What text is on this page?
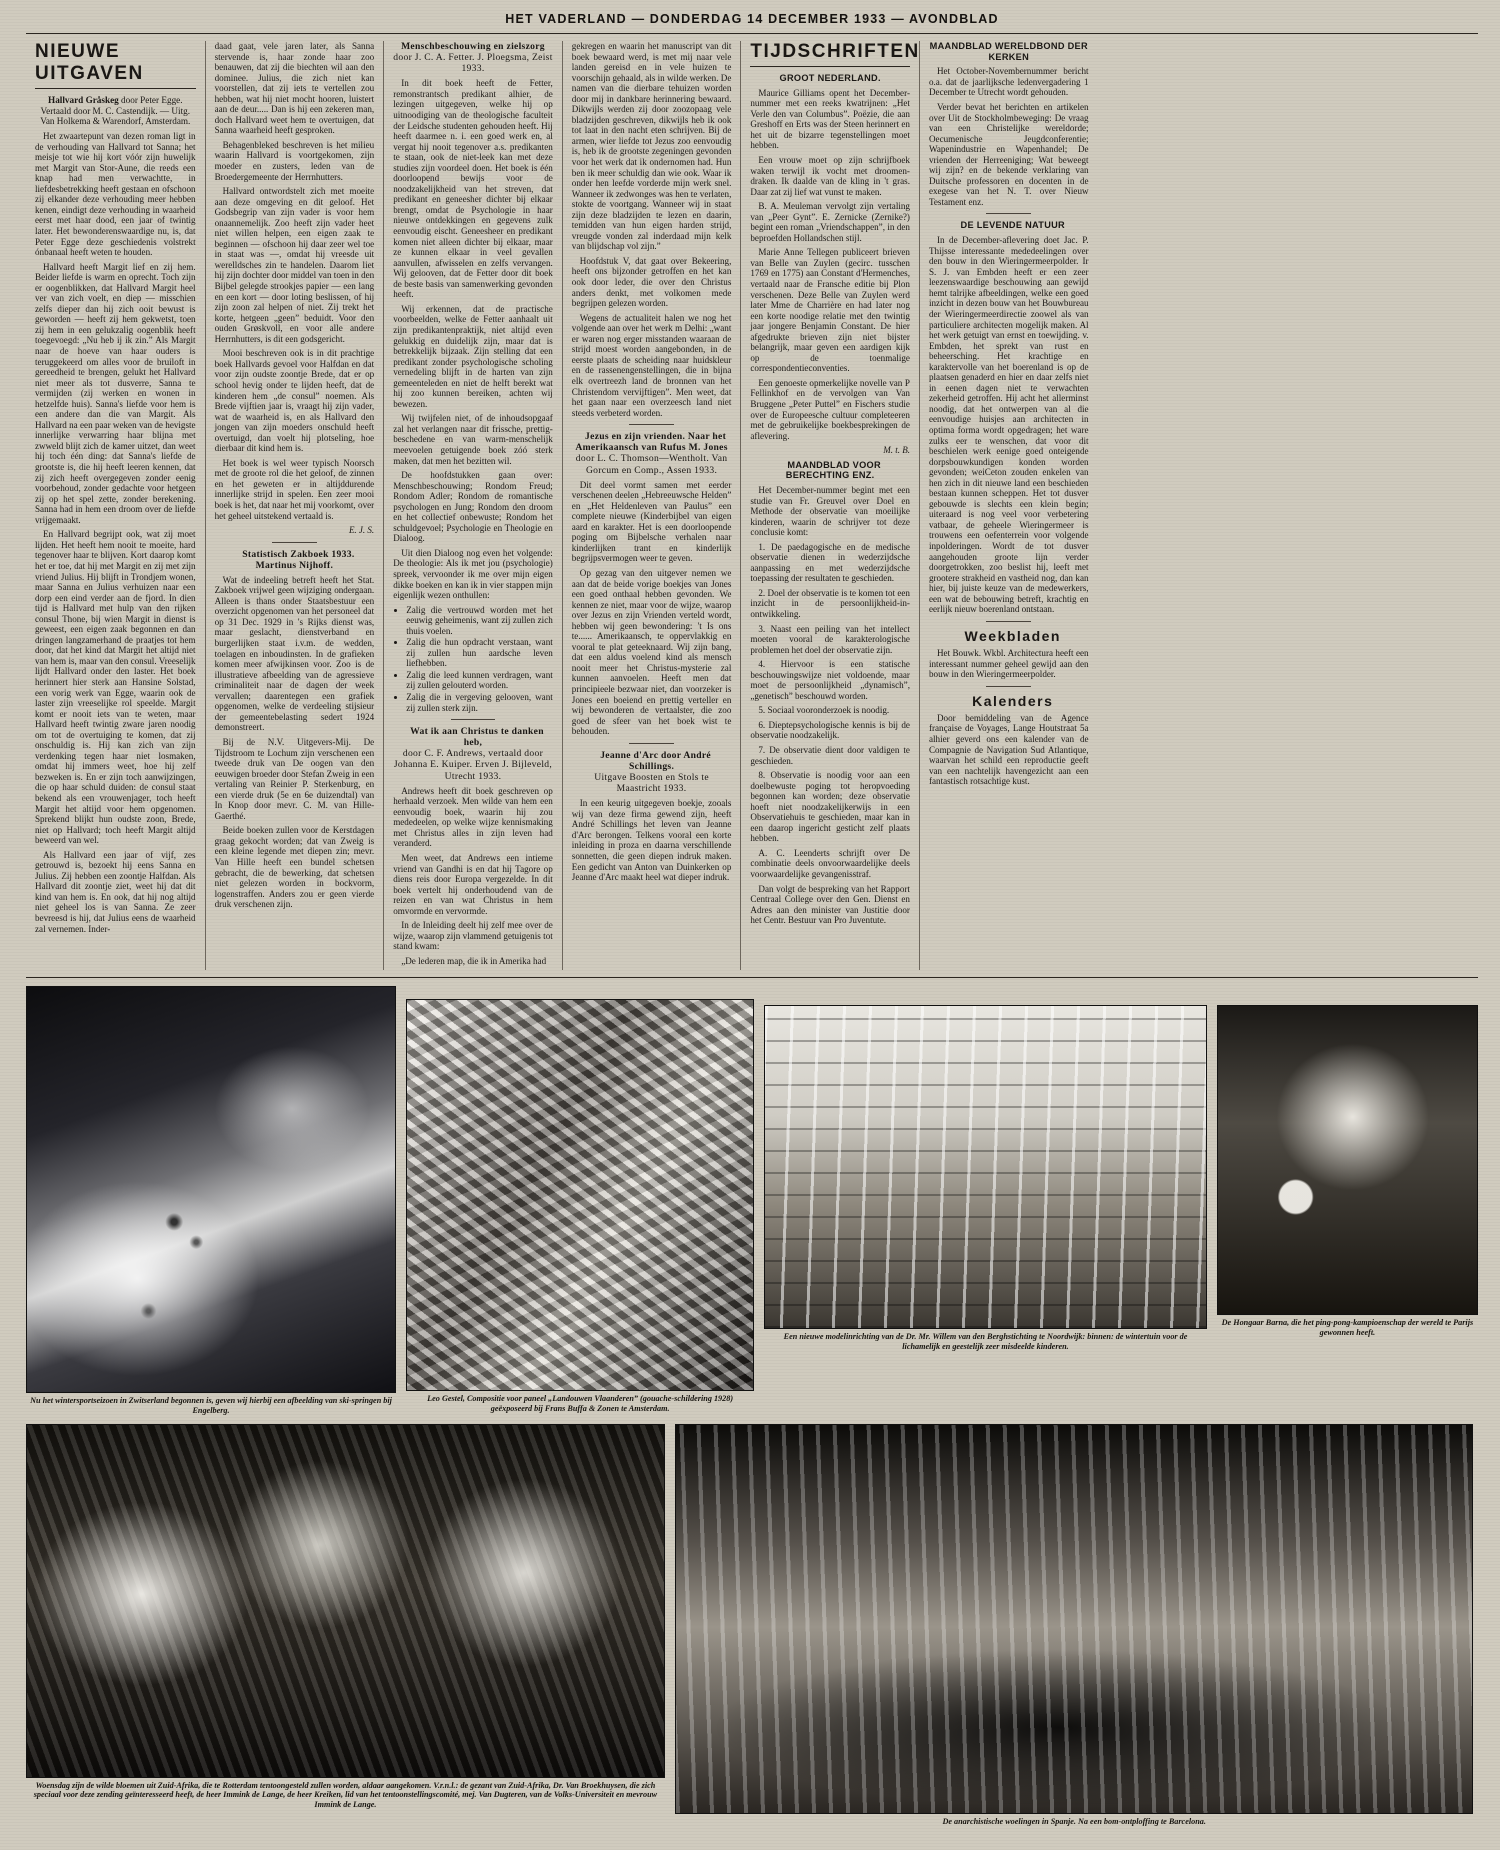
HET VADERLAND — DONDERDAG 14 DECEMBER 1933 — AVONDBLAD
NIEUWE UITGAVEN

Hallvard Gråskeg door Peter Egge. Vertaald door M. C. Castendijk. — Uitg. Van Holkema & Warendorf, Amsterdam.

Het zwaartepunt van dezen roman ligt in de verhouding van Hallvard tot Sanna; het meisje tot wie hij kort vóór zijn huwelijk met Margit van Stor-Aune, die reeds een knap had men verwachtte, in liefdesbetrekking heeft gestaan en ofschoon zij elkander deze verhouding meer hebben kenen, eindigt deze verhouding in waarheid eerst met haar dood, een jaar of twintig later. Het bewonderenswaardige nu, is, dat Peter Egge deze geschiedenis volstrekt ónbanaal heeft weten te houden.

Hallvard heeft Margit lief en zij hem. Beider liefde is warm en oprecht. Toch zijn er oogenblikken, dat Hallvard Margit heel ver van zich voelt, en diep — misschien zelfs dieper dan hij zich ooit bewust is geworden — heeft zij hem gekwetst, toen zij hem in een gelukzalig oogenblik heeft toegevoegd: „Nu heb ij ik zin.” Als Margit naar de hoeve van haar ouders is teruggekeerd om alles voor de bruiloft in gereedheid te brengen, gelukt het Hallvard niet meer als tot dusverre, Sanna te vermijden (zij werken en wonen in hetzelfde huis). Sanna's liefde voor hem is een andere dan die van Margit. Als Hallvard na een paar weken van de hevigste innerlijke verwarring haar blijna met zwweld blijt zich de kamer uitzet, dan weet hij toch één ding: dat Sanna's liefde de grootste is, die hij heeft leeren kennen, dat zij zich heeft overgegeven zonder eenig voorbehoud, zonder gedachte voor hetgeen zij op het spel zette, zonder berekening. Sanna had in hem een droom over de liefde vrijgemaakt.

En Hallvard begrijpt ook, wat zij moet lijden. Het heeft hem nooit te moeite, hard tegenover haar te blijven. Kort daarop komt het er toe, dat hij met Margit en zij met zijn vriend Julius. Hij blijft in Trondjem wonen, maar Sanna en Julius verhuizen naar een dorp een eind verder aan de fjord. In dien tijd is Hallvard met hulp van den rijken consul Thone, bij wien Margit in dienst is geweest, een eigen zaak begonnen en dan dringen langzamerhand de praatjes tot hem door, dat het kind dat Margit het altijd niet van hem is, maar van den consul. Vreeselijk lijdt Hallvard onder den laster. Het boek herinnert hier sterk aan Hansine Solstad, een vorig werk van Egge, waarin ook de laster zijn vreeselijke rol speelde. Margit komt er nooit iets van te weten, maar Hallvard heeft twintig zware jaren noodig om tot de overtuiging te komen, dat zij onschuldig is. Hij kan zich van zijn verdenking tegen haar niet losmaken, omdat hij immers weet, hoe hij zelf bezweken is. En er zijn toch aanwijzingen, die op haar schuld duiden: de consul staat bekend als een vrouwenjager, toch heeft Margit het altijd voor hem opgenomen. Sprekend blijkt hun oudste zoon, Brede, niet op Hallvard; toch heeft Margit altijd beweerd van wel.

Als Hallvard een jaar of vijf, zes getrouwd is, bezoekt hij eens Sanna en Julius. Zij hebben een zoontje Halfdan. Als Hallvard dit zoontje ziet, weet hij dat dit kind van hem is. En ook, dat hij nog altijd niet geheel los is van Sanna. Ze zeer bevreesd is hij, dat Julius eens de waarheid zal vernemen. Inder-

daad gaat, vele jaren later, als Sanna stervende is, haar zonde haar zoo benauwen, dat zij die biechten wil aan den dominee. Julius, die zich niet kan voorstellen, dat zij iets te vertellen zou hebben, wat hij niet mocht hooren, luistert aan de deur..... Dan is hij een zekeren man, doch Hallvard weet hem te overtuigen, dat Sanna waarheid heeft gesproken.

Behagenbleked beschreven is het milieu waarin Hallvard is voortgekomen, zijn moeder en zusters, leden van de Broedergemeente der Herrnhutters.

Hallvard ontwordstelt zich met moeite aan deze omgeving en dit geloof. Het Godsbegrip van zijn vader is voor hem onaannemelijk. Zoo heeft zijn vader heet niet willen helpen, een eigen zaak te beginnen — ofschoon hij daar zeer wel toe in staat was —, omdat hij vreesde uit werelldsches zin te handelen. Daarom liet hij zijn dochter door middel van toen in den Bijbel gelegde strookjes papier — een lang en een kort — door loting beslissen, of hij zijn zoon zal helpen of niet. Zij trekt het korte, hetgeen „geen” beduidt. Voor den ouden Grøskvoll, en voor alle andere Herrnhutters, is dit een godsgericht.

Mooi beschreven ook is in dit prachtige boek Hallvards gevoel voor Halfdan en dat voor zijn oudste zoontje Brede, dat er op school hevig onder te lijden heeft, dat de kinderen hem „de consul” noemen. Als Brede vijftien jaar is, vraagt hij zijn vader, wat de waarheid is, en als Hallvard den jongen van zijn moeders onschuld heeft overtuigd, dan voelt hij plotseling, hoe dierbaar dit kind hem is.

Het boek is wel weer typisch Noorsch met de groote rol die het geloof, de zinnen en het geweten er in altijddurende innerlijke strijd in spelen. Een zeer mooi boek is het, dat naar het mij voorkomt, over het geheel uitstekend vertaald is.

E. J. S.

Statistisch Zakboek 1933. Martinus Nijhoff.

Wat de indeeling betreft heeft het Stat. Zakboek vrijwel geen wijziging ondergaan. Alleen is thans onder Staatsbestuur een overzicht opgenomen van het personeel dat op 31 Dec. 1929 in 's Rijks dienst was, maar geslacht, dienstverband en burgerlijken staat i.v.m. de wedden, toelagen en inboudinsten. In de grafieken komen meer afwijkinsen voor. Zoo is de illustratieve afbeelding van de agressieve criminaliteit naar de dagen der week vervallen; daarentegen een grafiek opgenomen, welke de verdeeling stijsieur der gemeentebelasting sedert 1924 demonstreert.

Bij de N.V. Uitgevers-Mij. De Tijdstroom te Lochum zijn verschenen een tweede druk van De oogen van den eeuwigen broeder door Stefan Zweig in een vertaling van Reinier P. Sterkenburg, en een vierde druk (5e en 6e duizendtal) van In Knop door mevr. C. M. van Hille-Gaerthé.

Beide boeken zullen voor de Kerstdagen graag gekocht worden; dat van Zweig is een kleine legende met diepen zin; mevr. Van Hille heeft een bundel schetsen gebracht, die de bewerking, dat schetsen niet gelezen worden in bockvorm, logenstraffen. Anders zou er geen vierde druk verschenen zijn.

Menschbeschouwing en zielszorg
door J. C. A. Fetter. J. Ploegsma, Zeist 1933.

In dit boek heeft de Fetter, remonstrantsch predikant alhier, de lezingen uitgegeven, welke hij op uitnoodiging van de theologische faculteit der Leidsche studenten gehouden heeft. Hij heeft daarmee n. i. een goed werk en, al vergat hij nooit tegenover a.s. predikanten te staan, ook de niet-leek kan met deze studies zijn voordeel doen. Het boek is één doorloopend bewijs voor de noodzakelijkheid van het streven, dat predikant en geneesher dichter bij elkaar brengt, omdat de Psychologie in haar nieuwe ontdekkingen en gegevens zulk eenvoudig eischt. Geneesheer en predikant komen niet alleen dichter bij elkaar, maar ze kunnen elkaar in veel gevallen aanvullen, afwisselen en zelfs vervangen. Wij gelooven, dat de Fetter door dit boek de beste basis van samenwerking gevonden heeft.

Wij erkennen, dat de practische voorbeelden, welke de Fetter aanhaalt uit zijn predikantenpraktijk, niet altijd even gelukkig en duidelijk zijn, maar dat is betrekkelijk bijzaak. Zijn stelling dat een predikant zonder psychologische scholing vernedeling blijft in de harten van zijn gemeenteleden en niet de helft berekt wat hij zoo kunnen bereiken, achten wij bewezen.

Wij twijfelen niet, of de inhoudsopgaaf zal het verlangen naar dit frissche, prettig-beschedene en van warm-menschelijk meevoelen getuigende boek zóó sterk maken, dat men het bezitten wil.

De hoofdstukken gaan over: Menschbeschouwing; Rondom Freud; Rondom Adler; Rondom de romantische psychologen en Jung; Rondom den droom en het collectief onbewuste; Rondom het schuldgevoel; Psychologie en Theologie en Dialoog.

Uit dien Dialoog nog even het volgende: De theologie: Als ik met jou (psychologie) spreek, vervoonder ik me over mijn eigen dikke boeken en kan ik in vier stappen mijn eigenlijk wezen onthullen:

• Zalig die vertrouwd worden met het eeuwig geheimenis, want zij zullen zich thuis voelen.
• Zalig die hun opdracht verstaan, want zij zullen hun aardsche leven liefhebben.
• Zalig die leed kunnen verdragen, want zij zullen gelouterd worden.
• Zalig die in vergeving gelooven, want zij zullen sterk zijn.

Wat ik aan Christus te danken heb,
door C. F. Andrews, vertaald door Johanna E. Kuiper. Erven J. Bijleveld, Utrecht 1933.

Andrews heeft dit boek geschreven op herhaald verzoek. Men wilde van hem een eenvoudig boek, waarin hij zou mededeelen, op welke wijze kennismaking met Christus alles in zijn leven had veranderd.

Men weet, dat Andrews een intieme vriend van Gandhi is en dat hij Tagore op diens reis door Europa vergezelde. In dit boek vertelt hij onderhoudend van de reizen en van wat Christus in hem omvormde en vervormde.

In de Inleiding deelt hij zelf mee over de wijze, waarop zijn vlammend getuigenis tot stand kwam:

„De lederen map, die ik in Amerika had

gekregen en waarin het manuscript van dit boek bewaard werd, is met mij naar vele landen gereisd en in vele huizen te voorschijn gehaald, als in wilde werken. De namen van die dierbare tehuizen worden door mij in dankbare herinnering bewaard. Dikwijls werden zij door zoozopaag vele bladzijden geschreven, dikwijls heb ik ook tot laat in den nacht eten schrijven. Bij de armen, wier liefde tot Jezus zoo eenvoudig is, heb ik de grootste zegeningen gevonden voor het werk dat ik ondernomen had. Hun ben ik meer schuldig dan wie ook. Waar ik onder hen leefde vorderde mijn werk snel. Wanneer ik zedwonges was hen te verlaten, stokte de voortgang. Wanneer wij in staat zijn deze bladzijden te lezen en daarin, temidden van hun eigen harden strijd, vreugde vonden zal inderdaad mijn kelk van blijdschap vol zijn.”

Hoofdstuk V, dat gaat over Bekeering, heeft ons bijzonder getroffen en het kan ook door leder, die over den Christus anders denkt, met volkomen mede begrijpen gelezen worden.

Wegens de actualiteit halen we nog het volgende aan over het werk m Delhi: „want er waren nog erger misstanden waaraan de strijd moest worden aangebonden, in de eerste plaats de scheiding naar huidskleur en de rassenengenstellingen, die in bijna elk overtreezh land de bronnen van het Christendom vervijftigen”. Men weet, dat het gaan naar een overzeesch land niet steeds verbeterd worden.

Jezus en zijn vrienden. Naar het Amerikaansch van Rufus M. Jones
door L. C. Thomson—Wentholt. Van Gorcum en Comp., Assen 1933.

Dit deel vormt samen met eerder verschenen deelen „Hebreeuwsche Helden” en „Het Heldenleven van Paulus” een complete nieuwe (Kinderbijbel van eigen aard en karakter. Het is een doorloopende poging om Bijbelsche verhalen naar kinderlijken trant en kinderlijk begrijpsvermogen weer te geven.

Op gezag van den uitgever nemen we aan dat de beide vorige boekjes van Jones een goed onthaal hebben gevonden. We kennen ze niet, maar voor de wijze, waarop over Jezus en zijn Vrienden verteld wordt, hebben wij geen bewondering: 't Is ons te...... Amerikaansch, te oppervlakkig en vooral te plat geteeknaard. Wij zijn bang, dat een aldus voelend kind als mensch nooit meer het Christus-mysterie zal kunnen aanvoelen. Heeft men dat principieele bezwaar niet, dan voorzeker is Jones een boeiend en prettig verteller en wij bewonderen de vertaalster, die zoo goed de sfeer van het boek wist te behouden.

Jeanne d'Arc door André Schillings.
Uitgave Boosten en Stols te Maastricht 1933.

In een keurig uitgegeven boekje, zooals wij van deze firma gewend zijn, heeft André Schillings het leven van Jeanne d'Arc berongen. Telkens vooral een korte inleiding in proza en daarna verschillende sonnetten, die geen diepen indruk maken. Een gedicht van Anton van Duinkerken op Jeanne d'Arc maakt heel wat dieper indruk.

TIJDSCHRIFTEN

GROOT NEDERLAND.

Maurice Gilliams opent het December-nummer met een reeks kwatrijnen: „Het Verle den van Columbus”. Poëzie, die aan Greshoff en Erts was der Steen herinnert en het uit de bizarre tegenstellingen moet hebben.

Een vrouw moet op zijn schrijfboek waken terwijl ik vocht met droomen-draken. Ik daalde van de kling in 't gras. Daar zat zij lief wat vunst te maken.

B. A. Meuleman vervolgt zijn vertaling van „Peer Gynt”. E. Zernicke (Zernike?) begint een roman „Vriendschappen”, in den beproefden Hollandschen stijl.

Marie Anne Tellegen publiceert brieven van Belle van Zuylen (gecirc. tusschen 1769 en 1775) aan Constant d'Hermenches, vertaald naar de Fransche editie bij Plon verschenen. Deze Belle van Zuylen werd later Mme de Charrière en had later nog een korte noodige relatie met den twintig jaar jongere Benjamin Constant. De hier afgedrukte brieven zijn niet bijster belangrijk, maar geven een aardigen kijk op de toenmalige correspondentieconventies.

Een genoeste opmerkelijke novelle van P Fellinkhof en de vervolgen van Van Bruggene „Peter Puttel” en Fischers studie over de Europeesche cultuur completeeren met de gebruikelijke boekbesprekingen de aflevering.

M. t. B.

MAANDBLAD VOOR BERECHTING ENZ.

Het December-nummer begint met een studie van Fr. Greuvel over Doel en Methode der observatie van moeilijke kinderen, waarin de schrijver tot deze conclusie komt:

1. De paedagogische en de medische observatie dienen in wederzijdsche aanpassing en met wederzijdsche toepassing der resultaten te geschieden.

2. Doel der observatie is te komen tot een inzicht in de persoonlijkheid-in-ontwikkeling.

3. Naast een peiling van het intellect moeten vooral de karakterologische problemen het doel der observatie zijn.

4. Hiervoor is een statische beschouwingswijze niet voldoende, maar moet de persoonlijkheid „dynamisch”, „genetisch” beschouwd worden.

5. Sociaal vooronderzoek is noodig.

6. Dieptepsychologische kennis is bij de observatie noodzakelijk.

7. De observatie dient door valdigen te geschieden.

8. Observatie is noodig voor aan een doelbewuste poging tot heropvoeding begonnen kan worden; deze observatie hoeft niet noodzakelijkerwijs in een Observatiehuis te geschieden, maar kan in een daarop ingericht gesticht zelf plaats hebben.

A. C. Leenderts schrijft over De combinatie deels onvoorwaardelijke deels voorwaardelijke gevangenisstraf.

Dan volgt de bespreking van het Rapport Centraal College over den Gen. Dienst en Adres aan den minister van Justitie door het Centr. Bestuur van Pro Juventute.

MAANDBLAD WERELDBOND DER KERKEN

Het October-Novembernummer bericht o.a. dat de jaarlijksche ledenvergadering 1 December te Utrecht wordt gehouden.

Verder bevat het berichten en artikelen over Uit de Stockholmbeweging: De vraag van een Christelijke wereldorde; Oecumenische Jeugdconferentie; Wapenindustrie en Wapenhandel; De vrienden der Herreeniging; Wat beweegt wij zijn? en de bekende verklaring van Duitsche professoren en docenten in de exegese van het N. T. over Nieuw Testament enz.

DE LEVENDE NATUUR

In de December-aflevering doet Jac. P. Thijsse interessante mededeelingen over den bouw in den Wieringermeerpolder. Ir S. J. van Embden heeft er een zeer leezenswaardige beschouwing aan gewijd hemt talrijke afbeeldingen, welke een goed inzicht in dezen bouw van het Bouwbureau der Wieringermeerdirectie zoowel als van particuliere architecten mogelijk maken. Al het werk getuigt van ernst en toewijding. v. Embden, het sprekt van rust en beheersching. Het krachtige en karaktervolle van het boerenland is op de plaatsen genaderd en hier en daar zelfs niet in eenen dagen niet te verwachten zekerheid getroffen. Hij acht het allerminst noodig, dat het ontwerpen van al die eenvoudige huisjes aan architecten in optima forma wordt opgedragen; het ware zulks eer te wenschen, dat voor dit beschielen werk eenige goed onteigende dorpsbouwkundigen konden worden gevonden; weiCeton zouden enkelen van hen zich in dit nieuwe land een beschieden bestaan kunnen scheppen. Het tot dusver gebouwde is slechts een klein begin; uiteraard is nog veel voor verbetering vatbaar, de geheele Wieringermeer is trouwens een oefenterrein voor volgende inpolderingen. Wordt de tot dusver aangehouden groote lijn verder doorgetrokken, zoo beslist hij, leeft met grootere strakheid en vastheid nog, dan kan hier, bij juiste keuze van de medewerkers, een wat de bebouwing betreft, krachtig en eerlijk nieuw boerenland ontstaan.

Weekbladen

Het Bouwk. Wkbl. Architectura heeft een interessant nummer geheel gewijd aan den bouw in den Wieringermeerpolder.

Kalenders

Door bemiddeling van de Agence française de Voyages, Lange Houtstraat 5a alhier geverd ons een kalender van de Compagnie de Navigation Sud Atlantique, waarvan het schild een reproductie geeft van een nachtelijk havengezicht aan een fantastisch rotsachtige kust.

Nu het wintersportseizoen in Zwitserland begonnen is, geven wij hierbij een afbeelding van ski-springen bij Engelberg.
Leo Gestel, Compositie voor paneel „Landouwen Vlaanderen” (gouache-schildering 1928) geëxposeerd bij Frans Buffa & Zonen te Amsterdam.
Een nieuwe modelinrichting van de Dr. Mr. Willem van den Berghstichting te Noordwijk: binnen: de wintertuin voor de lichamelijk en geestelijk zeer misdeelde kinderen.
De Hongaar Barna, die het ping-pong-kampioenschap der wereld te Parijs gewonnen heeft.
Woensdag zijn de wilde bloemen uit Zuid-Afrika, die te Rotterdam tentoongesteld zullen worden, aldaar aangekomen. V.r.n.l.: de gezant van Zuid-Afrika, Dr. Van Broekhuysen, die zich speciaal voor deze zending geïnteresseerd heeft, de heer Immink de Lange, de heer Kreiken, lid van het tentoonstellingscomité, mej. Van Dugteren, van de Volks-Universiteit en mevrouw Immink de Lange.
De anarchistische woelingen in Spanje. Na een bom-ontploffing te Barcelona.
